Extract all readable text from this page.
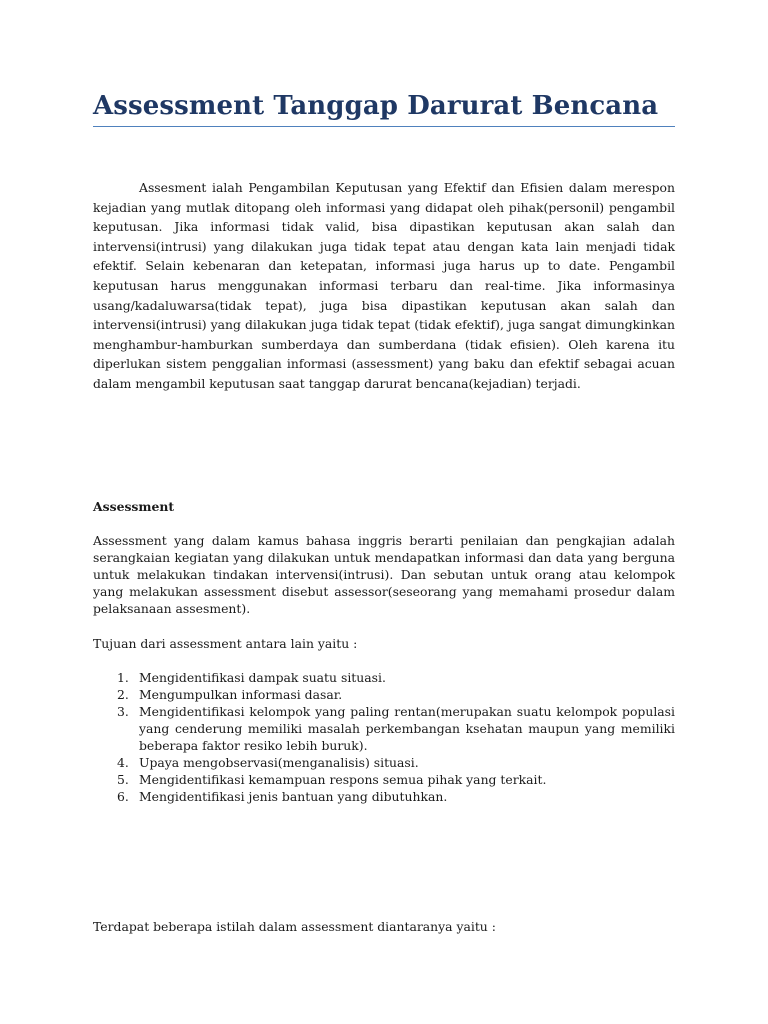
Assessment Tanggap Darurat Bencana

Assesment ialah Pengambilan Keputusan yang Efektif dan Efisien dalam merespon kejadian yang mutlak ditopang oleh informasi yang didapat oleh pihak(personil) pengambil keputusan. Jika informasi tidak valid, bisa dipastikan keputusan akan salah dan intervensi(intrusi) yang dilakukan juga tidak tepat atau dengan kata lain menjadi tidak efektif. Selain kebenaran dan ketepatan, informasi juga harus up to date. Pengambil keputusan harus menggunakan informasi terbaru dan real-time. Jika informasinya usang/kadaluwarsa(tidak tepat), juga bisa dipastikan keputusan akan salah dan intervensi(intrusi) yang dilakukan juga tidak tepat (tidak efektif), juga sangat dimungkinkan menghambur-hamburkan sumberdaya dan sumberdana (tidak efisien). Oleh karena itu diperlukan sistem penggalian informasi (assessment) yang baku dan efektif sebagai acuan dalam mengambil keputusan saat tanggap darurat bencana(kejadian) terjadi.

Assessment

Assessment yang dalam kamus bahasa inggris berarti penilaian dan pengkajian adalah serangkaian kegiatan yang dilakukan untuk mendapatkan informasi dan data yang berguna untuk melakukan tindakan intervensi(intrusi). Dan sebutan untuk orang atau kelompok yang melakukan assessment disebut assessor(seseorang yang memahami prosedur dalam pelaksanaan assesment).

Tujuan dari assessment antara lain yaitu :

1. Mengidentifikasi dampak suatu situasi.
2. Mengumpulkan informasi dasar.
3. Mengidentifikasi kelompok yang paling rentan(merupakan suatu kelompok populasi yang cenderung memiliki masalah perkembangan ksehatan maupun yang memiliki beberapa faktor resiko lebih buruk).
4. Upaya mengobservasi(menganalisis) situasi.
5. Mengidentifikasi kemampuan respons semua pihak yang terkait.
6. Mengidentifikasi jenis bantuan yang dibutuhkan.

Terdapat beberapa istilah dalam assessment diantaranya yaitu :
